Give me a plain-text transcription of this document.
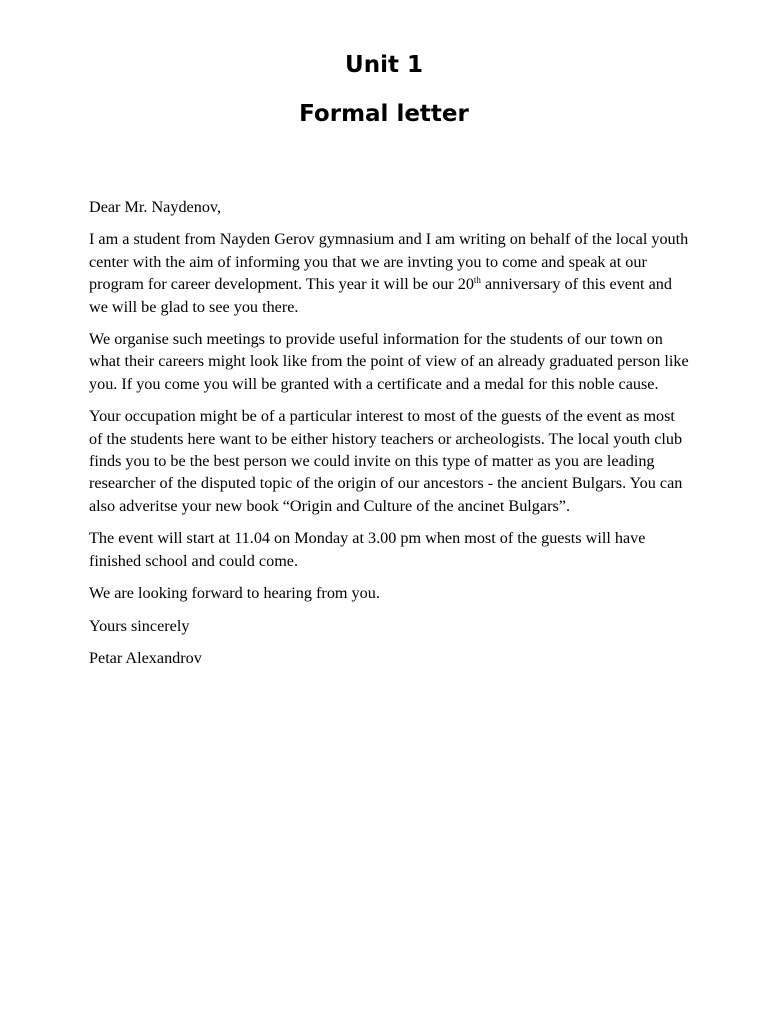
Unit 1
Formal letter

Dear Mr. Naydenov,

I am a student from Nayden Gerov gymnasium and I am writing on behalf of the local youth center with the aim of informing you that we are invting you to come and speak at our program for career development. This year it will be our 20th anniversary of this event and we will be glad to see you there.

We organise such meetings to provide useful information for the students of our town on what their careers might look like from the point of view of an already graduated person like you. If you come you will be granted with a certificate and a medal for this noble cause.

Your occupation might be of a particular interest to most of the guests of the event as most of the students here want to be either history teachers or archeologists. The local youth club finds you to be the best person we could invite on this type of matter as you are leading researcher of the disputed topic of the origin of our ancestors - the ancient Bulgars. You can also adveritse your new book “Origin and Culture of the ancinet Bulgars”.

The event will start at 11.04 on Monday at 3.00 pm when most of the guests will have finished school and could come.

We are looking forward to hearing from you.

Yours sincerely

Petar Alexandrov
